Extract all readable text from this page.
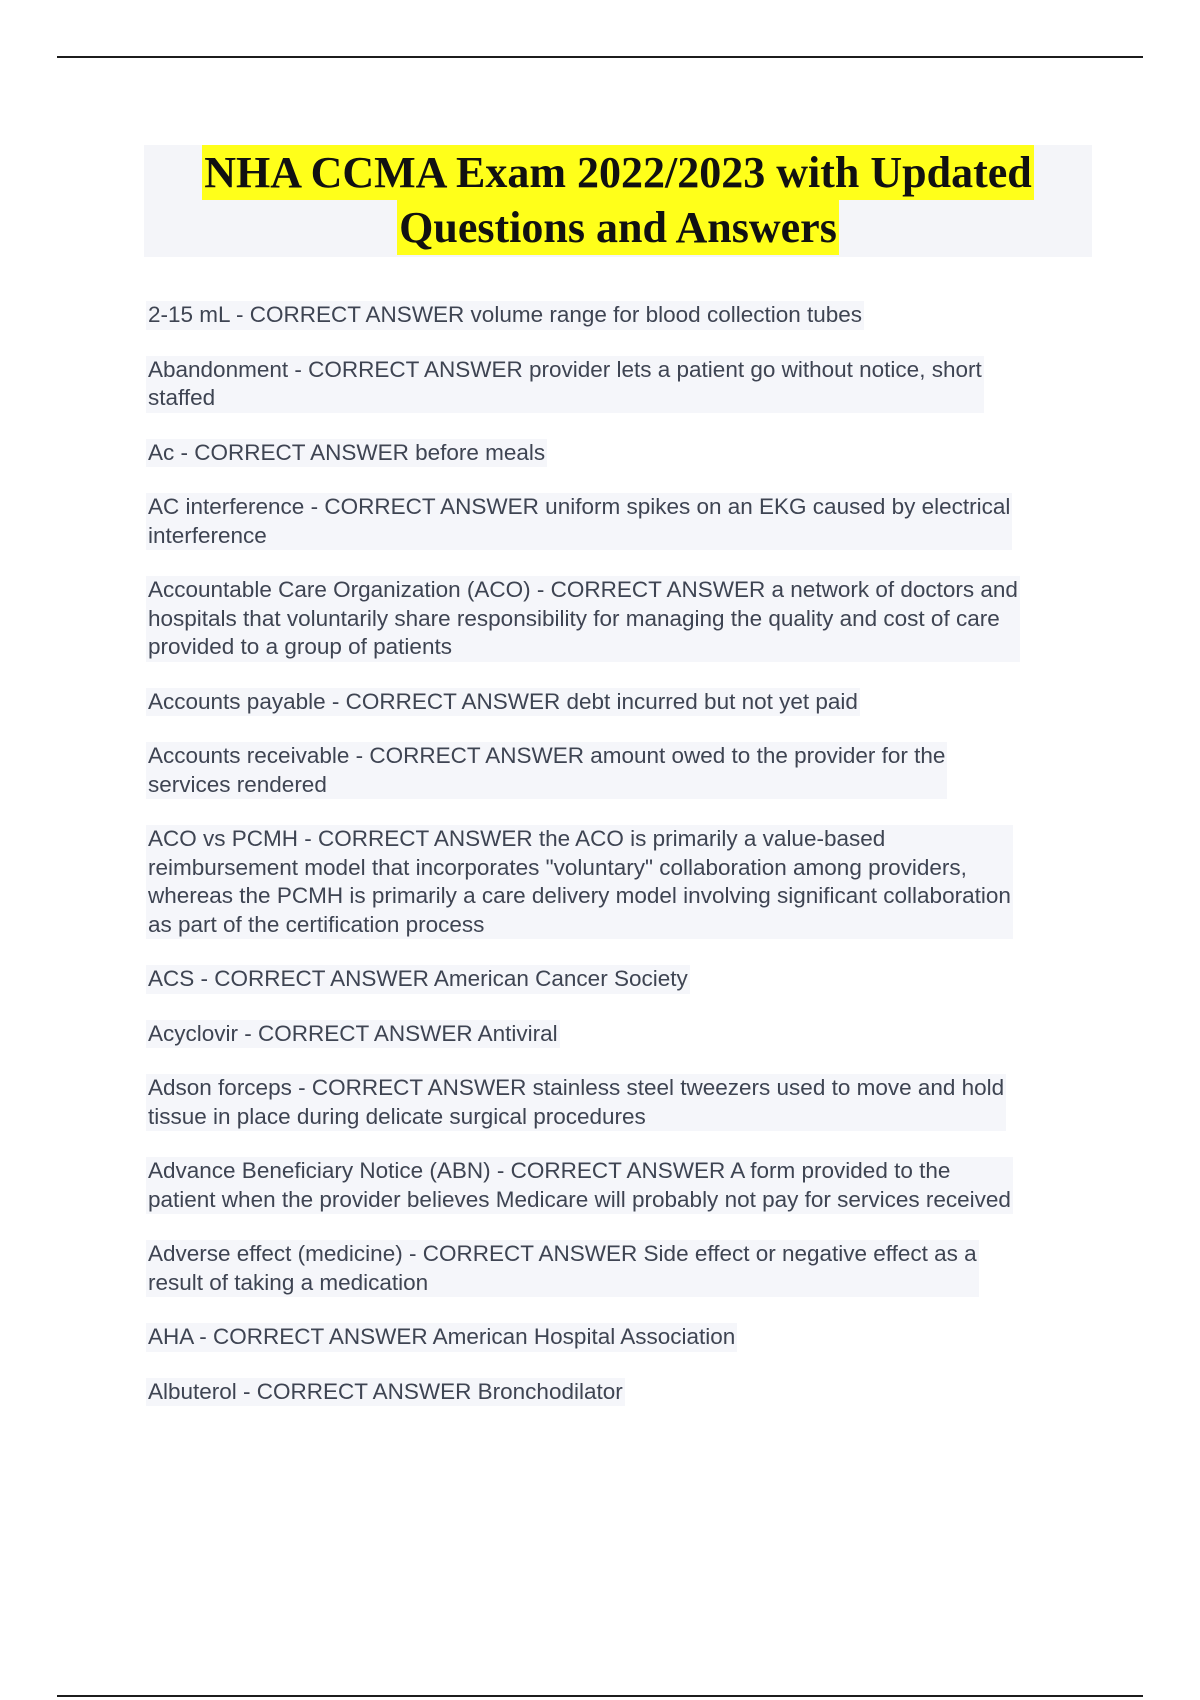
NHA CCMA Exam 2022/2023 with Updated
Questions and Answers
2-15 mL - CORRECT ANSWER volume range for blood collection tubes
Abandonment - CORRECT ANSWER provider lets a patient go without notice, short
staffed
Ac - CORRECT ANSWER before meals
AC interference - CORRECT ANSWER uniform spikes on an EKG caused by electrical
interference
Accountable Care Organization (ACO) - CORRECT ANSWER a network of doctors and
hospitals that voluntarily share responsibility for managing the quality and cost of care
provided to a group of patients
Accounts payable - CORRECT ANSWER debt incurred but not yet paid
Accounts receivable - CORRECT ANSWER amount owed to the provider for the
services rendered
ACO vs PCMH - CORRECT ANSWER the ACO is primarily a value-based
reimbursement model that incorporates "voluntary" collaboration among providers,
whereas the PCMH is primarily a care delivery model involving significant collaboration
as part of the certification process
ACS - CORRECT ANSWER American Cancer Society
Acyclovir - CORRECT ANSWER Antiviral
Adson forceps - CORRECT ANSWER stainless steel tweezers used to move and hold
tissue in place during delicate surgical procedures
Advance Beneficiary Notice (ABN) - CORRECT ANSWER A form provided to the
patient when the provider believes Medicare will probably not pay for services received
Adverse effect (medicine) - CORRECT ANSWER Side effect or negative effect as a
result of taking a medication
AHA - CORRECT ANSWER American Hospital Association
Albuterol - CORRECT ANSWER Bronchodilator
